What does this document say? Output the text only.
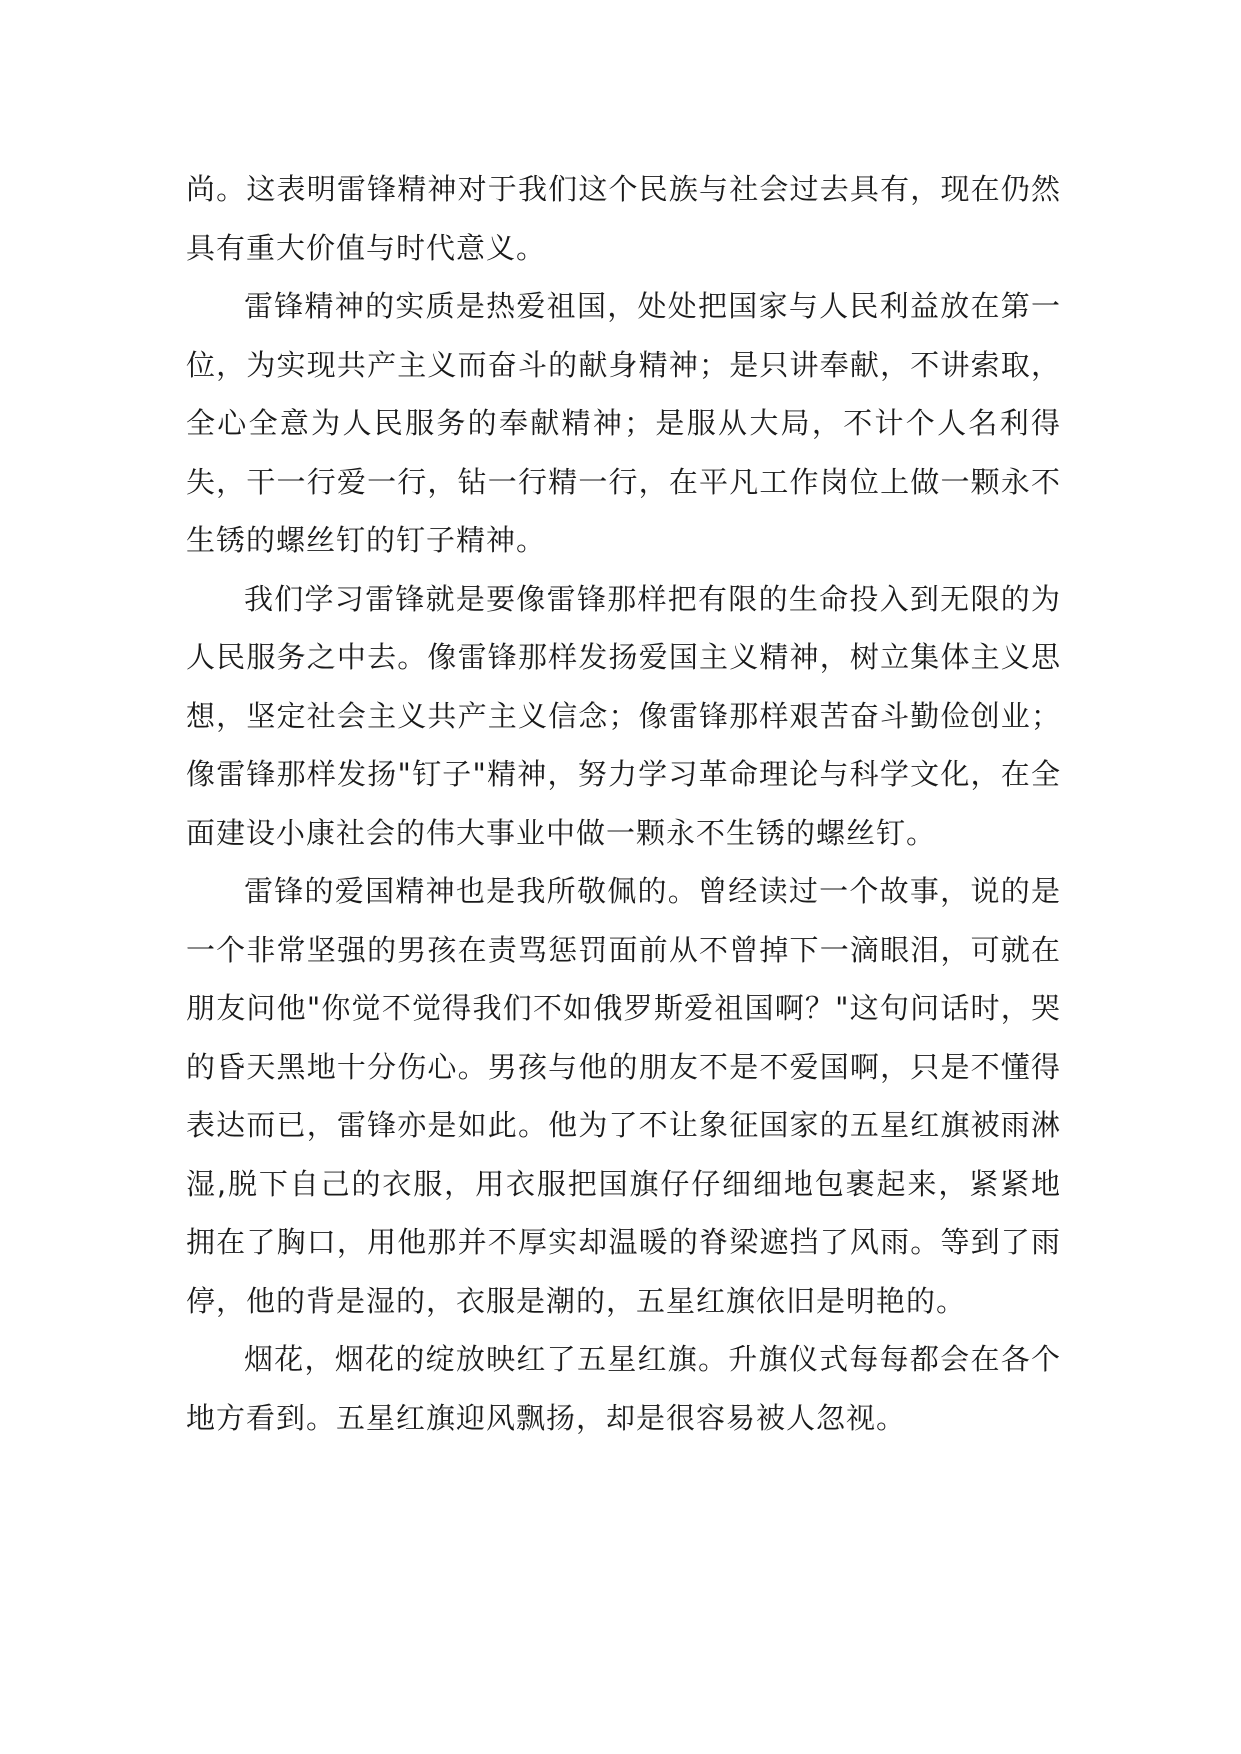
尚。这表明雷锋精神对于我们这个民族与社会过去具有，现在仍然具有重大价值与时代意义。

雷锋精神的实质是热爱祖国，处处把国家与人民利益放在第一位，为实现共产主义而奋斗的献身精神；是只讲奉献，不讲索取，全心全意为人民服务的奉献精神；是服从大局，不计个人名利得失，干一行爱一行，钻一行精一行，在平凡工作岗位上做一颗永不生锈的螺丝钉的钉子精神。

我们学习雷锋就是要像雷锋那样把有限的生命投入到无限的为人民服务之中去。像雷锋那样发扬爱国主义精神，树立集体主义思想，坚定社会主义共产主义信念；像雷锋那样艰苦奋斗勤俭创业；像雷锋那样发扬"钉子"精神，努力学习革命理论与科学文化，在全面建设小康社会的伟大事业中做一颗永不生锈的螺丝钉。

雷锋的爱国精神也是我所敬佩的。曾经读过一个故事，说的是一个非常坚强的男孩在责骂惩罚面前从不曾掉下一滴眼泪，可就在朋友问他"你觉不觉得我们不如俄罗斯爱祖国啊？"这句问话时，哭的昏天黑地十分伤心。男孩与他的朋友不是不爱国啊，只是不懂得表达而已，雷锋亦是如此。他为了不让象征国家的五星红旗被雨淋湿,脱下自己的衣服，用衣服把国旗仔仔细细地包裹起来，紧紧地拥在了胸口，用他那并不厚实却温暖的脊梁遮挡了风雨。等到了雨停，他的背是湿的，衣服是潮的，五星红旗依旧是明艳的。

烟花，烟花的绽放映红了五星红旗。升旗仪式每每都会在各个地方看到。五星红旗迎风飘扬，却是很容易被人忽视。
